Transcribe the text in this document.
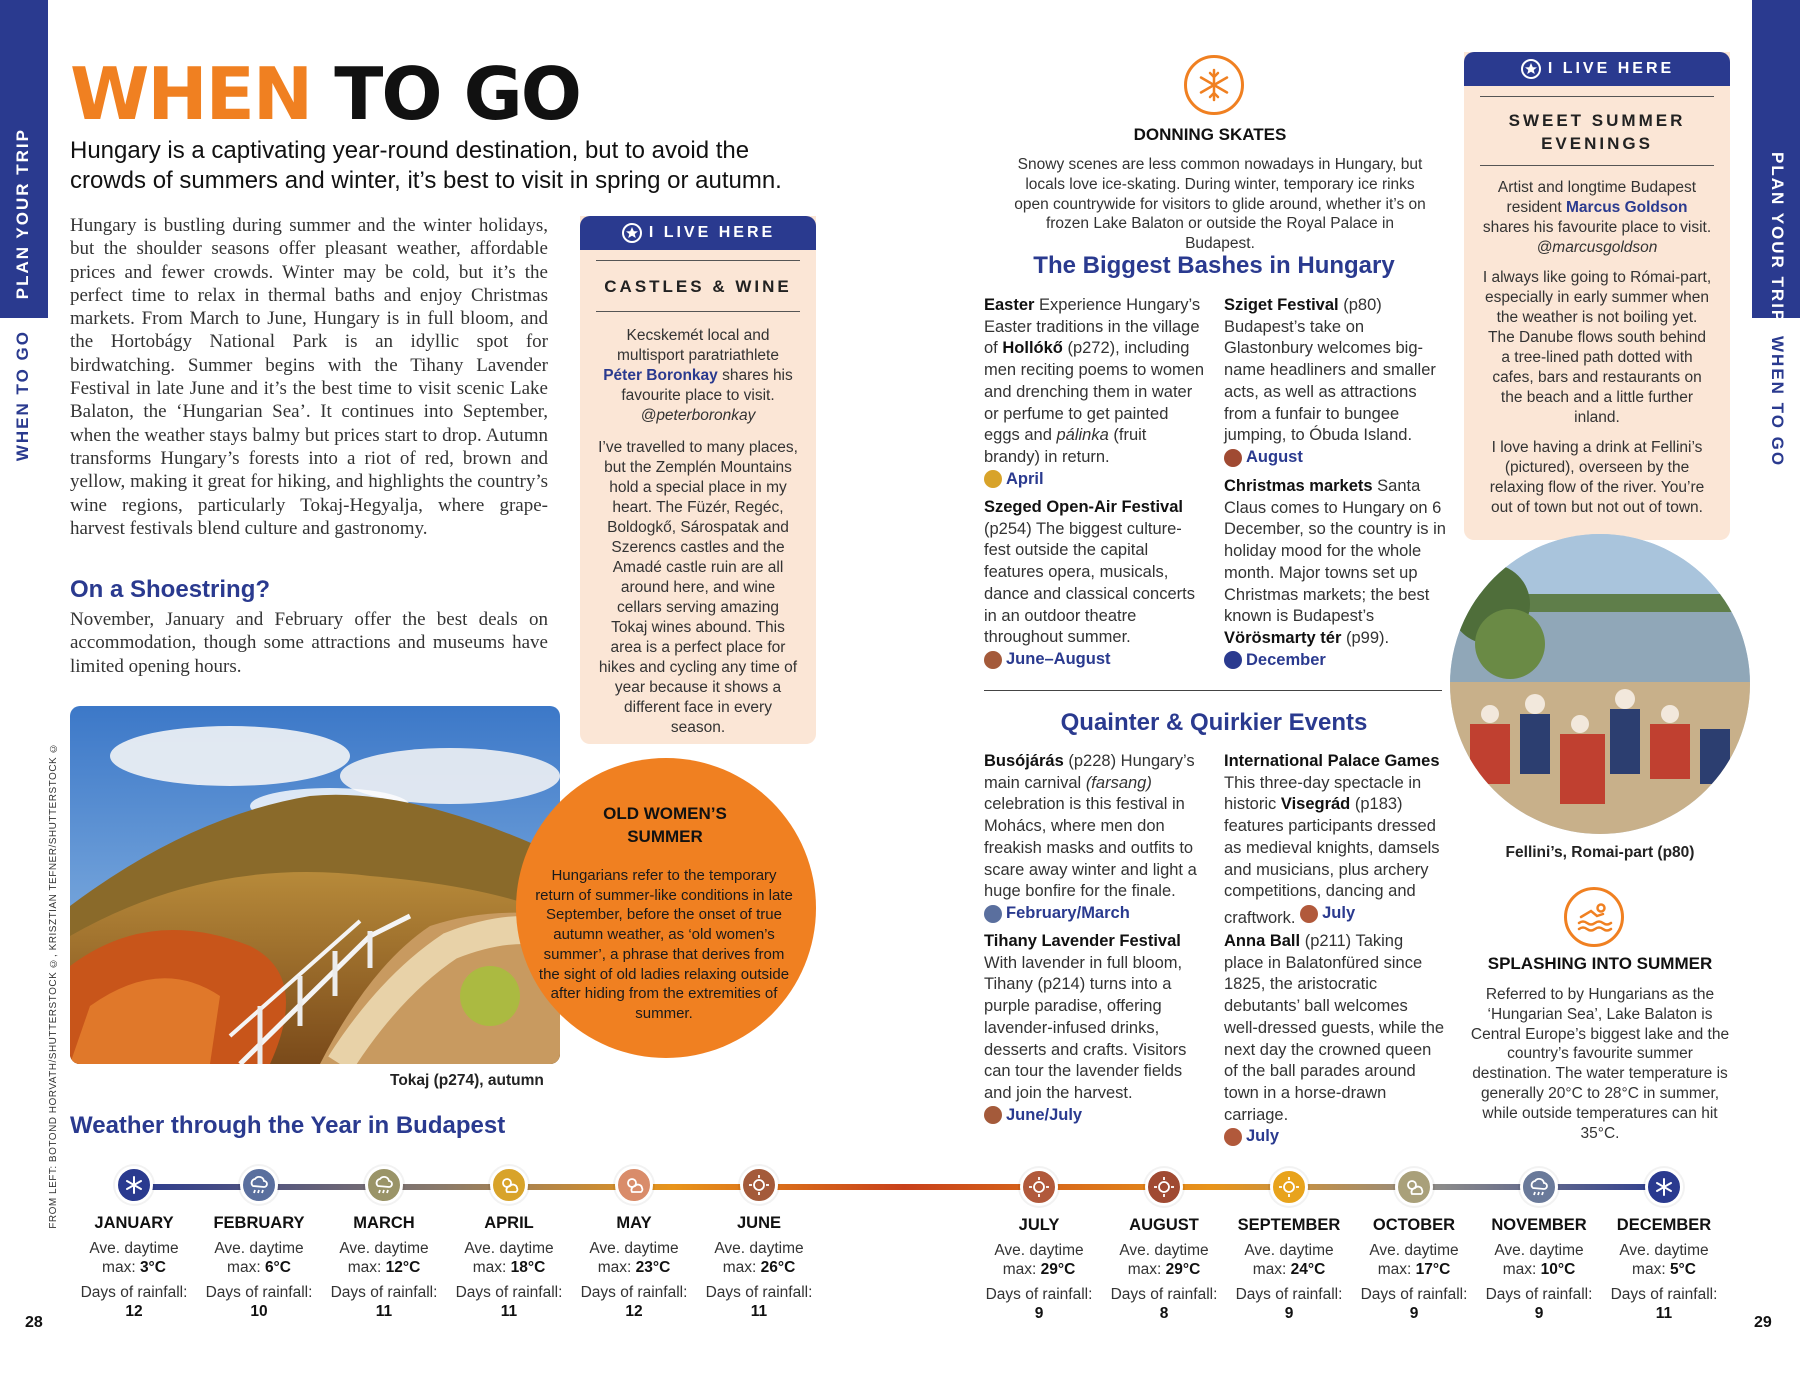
PLAN YOUR TRIP
WHEN TO GO
PLAN YOUR TRIP
WHEN TO GO
WHEN TO GO
Hungary is a captivating year-round destination, but to avoid the crowds of summers and winter, it’s best to visit in spring or autumn.
Hungary is bustling during summer and the winter holidays, but the shoulder seasons offer pleasant weather, affordable prices and fewer crowds. Winter may be cold, but it’s the perfect time to relax in thermal baths and enjoy Christmas markets. From March to June, Hungary is in full bloom, and the Hortobágy National Park is an idyllic spot for birdwatching. Summer begins with the Tihany Lavender Festival in late June and it’s the best time to visit scenic Lake Balaton, the ‘Hungarian Sea’. It continues into September, when the weather stays balmy but prices start to drop. Autumn transforms Hungary’s forests into a riot of red, brown and yellow, making it great for hiking, and highlights the country’s wine regions, particularly Tokaj-Hegyalja, where grape-harvest festivals blend culture and gastronomy.
On a Shoestring?
November, January and February offer the best deals on accommodation, though some attractions and museums have limited opening hours.
I LIVE HERE
CASTLES & WINE
Kecskemét local and multisport paratriathlete Péter Boronkay shares his favourite place to visit. @peterboronkay
I’ve travelled to many places, but the Zemplén Mountains hold a special place in my heart. The Füzér, Regéc, Boldogkő, Sárospatak and Szerencs castles and the Amadé castle ruin are all around here, and wine cellars serving amazing Tokaj wines abound. This area is a perfect place for hikes and cycling any time of year because it shows a different face in every season.
FROM LEFT: BOTOND HORVATH/SHUTTERSTOCK ©, KRISZTIAN TEFNER/SHUTTERSTOCK ©	Tokaj (p274), autumn
OLD WOMEN’S SUMMER
Hungarians refer to the temporary return of summer-like conditions in late September, before the onset of true autumn weather, as ‘old women’s summer’, a phrase that derives from the sight of old ladies relaxing outside after hiding from the extremities of summer.
DONNING SKATES
Snowy scenes are less common nowadays in Hungary, but locals love ice-skating. During winter, temporary ice rinks open countrywide for visitors to glide around, whether it’s on frozen Lake Balaton or outside the Royal Palace in Budapest.
The Biggest Bashes in Hungary
Easter Experience Hungary’s Easter traditions in the village of Hollókő (p272), including men reciting poems to women and drenching them in water or perfume to get painted eggs and pálinka (fruit brandy) in return.

April
Szeged Open-Air Festival (p254) The biggest culture-fest outside the capital features opera, musicals, dance and classical concerts in an outdoor theatre throughout summer.

June–August
Sziget Festival (p80) Budapest’s take on Glastonbury welcomes big-name headliners and smaller acts, as well as attractions from a funfair to bungee jumping, to Óbuda Island.

August
Christmas markets Santa Claus comes to Hungary on 6 December, so the country is in holiday mood for the whole month. Major towns set up Christmas markets; the best known is Budapest’s Vörösmarty tér (p99).

December
Quainter & Quirkier Events
Busójárás (p228) Hungary’s main carnival (farsang) celebration is this festival in Mohács, where men don freakish masks and outfits to scare away winter and light a huge bonfire for the finale.

February/March
Tihany Lavender Festival
With lavender in full bloom, Tihany (p214) turns into a purple paradise, offering lavender-infused drinks, desserts and crafts. Visitors can tour the lavender fields and join the harvest.

June/July
International Palace Games
This three-day spectacle in historic Visegrád (p183) features participants dressed as medieval knights, damsels and musicians, plus archery competitions, dancing and craftwork. July
Anna Ball (p211) Taking place in Balatonfüred since 1825, the aristocratic debutants’ ball welcomes well-dressed guests, while the next day the crowned queen of the ball parades around town in a horse-drawn carriage.

July
I LIVE HERE
SWEET SUMMER EVENINGS
Artist and longtime Budapest resident Marcus Goldson shares his favourite place to visit. @marcusgoldson
I always like going to Római-part, especially in early summer when the weather is not boiling yet. The Danube flows south behind a tree-lined path dotted with cafes, bars and restaurants on the beach and a little further inland.
I love having a drink at Fellini’s (pictured), overseen by the relaxing flow of the river. You’re out of town but not out of town.
Fellini’s, Romai-part (p80)
SPLASHING INTO SUMMER
Referred to by Hungarians as the ‘Hungarian Sea’, Lake Balaton is Central Europe’s biggest lake and the country’s favourite summer destination. The water temperature is generally 20°C to 28°C in summer, while outside temperatures can hit 35°C.
Weather through the Year in Budapest
JANUARY
Ave. daytime
max: 3°C
Days of rainfall:
12
FEBRUARY
Ave. daytime
max: 6°C
Days of rainfall:
10
MARCH
Ave. daytime
max: 12°C
Days of rainfall:
11
APRIL
Ave. daytime
max: 18°C
Days of rainfall:
11
MAY
Ave. daytime
max: 23°C
Days of rainfall:
12
JUNE
Ave. daytime
max: 26°C
Days of rainfall:
11
JULY
Ave. daytime
max: 29°C
Days of rainfall:
9
AUGUST
Ave. daytime
max: 29°C
Days of rainfall:
8
SEPTEMBER
Ave. daytime
max: 24°C
Days of rainfall:
9
OCTOBER
Ave. daytime
max: 17°C
Days of rainfall:
9
NOVEMBER
Ave. daytime
max: 10°C
Days of rainfall:
9
DECEMBER
Ave. daytime
max: 5°C
Days of rainfall:
11
28	29
